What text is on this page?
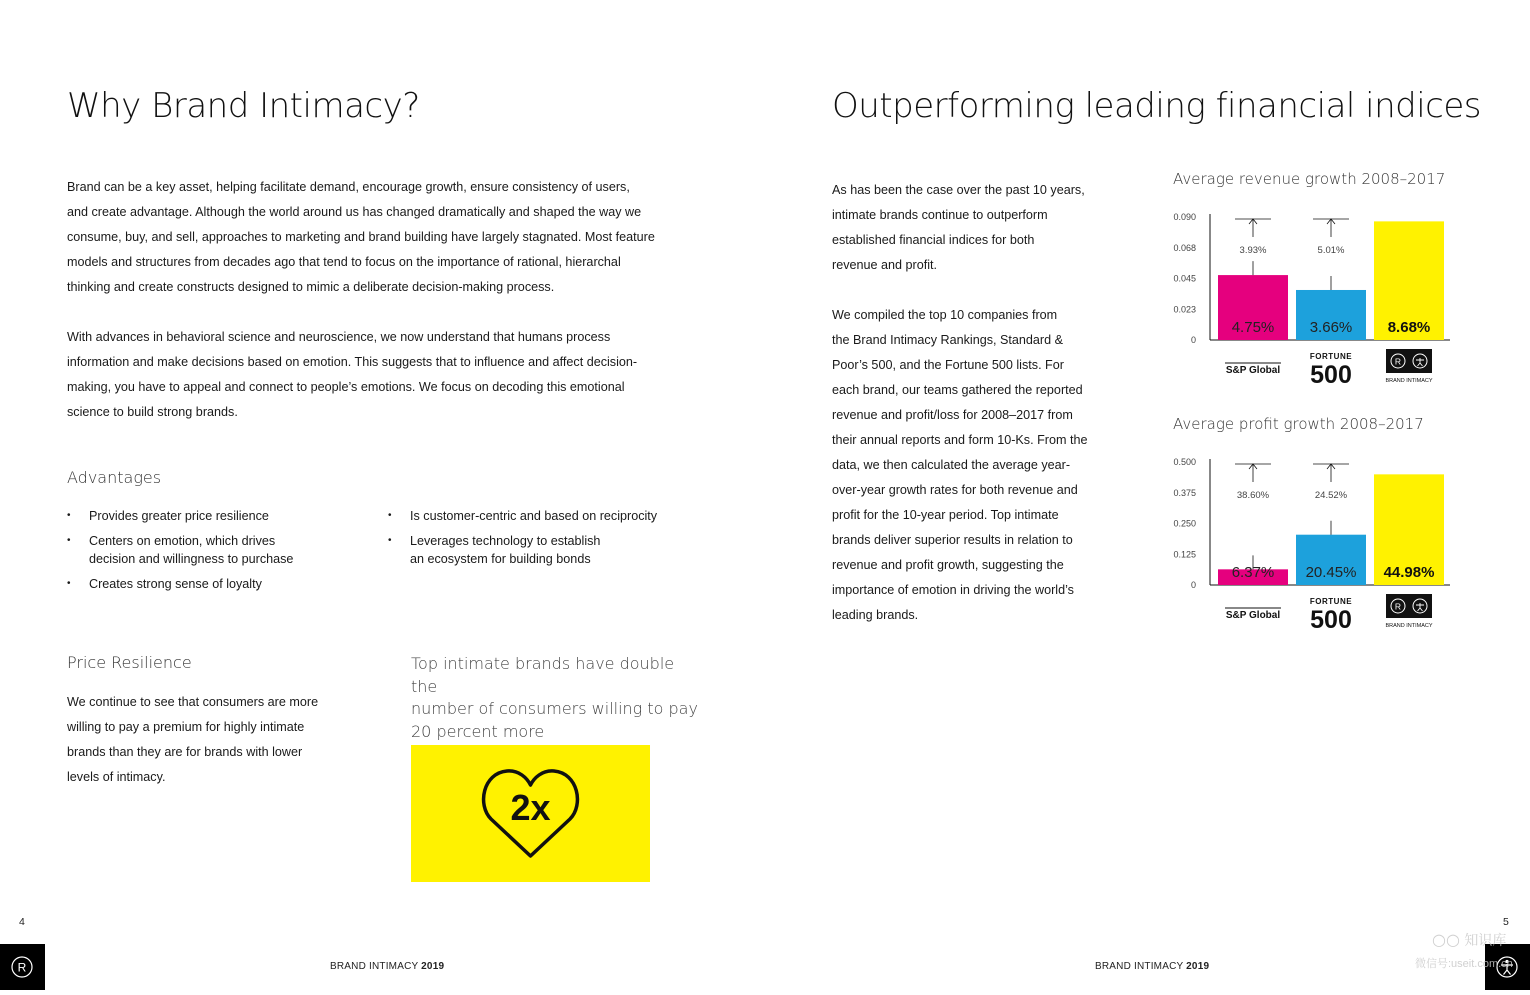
Why Brand Intimacy?

Brand can be a key asset, helping facilitate demand, encourage growth, ensure consistency of users,

and create advantage. Although the world around us has changed dramatically and shaped the way we

consume, buy, and sell, approaches to marketing and brand building have largely stagnated. Most feature

models and structures from decades ago that tend to focus on the importance of rational, hierarchal

thinking and create constructs designed to mimic a deliberate decision-making process.

With advances in behavioral science and neuroscience, we now understand that humans process

information and make decisions based on emotion. This suggests that to influence and affect decision-

making, you have to appeal and connect to people’s emotions. We focus on decoding this emotional

science to build strong brands.

Advantages
• Provides greater price resilience
• Centers on emotion, which drives
decision and willingness to purchase
• Creates strong sense of loyalty
• Is customer-centric and based on reciprocity
• Leverages technology to establish
an ecosystem for building bonds
Price Resilience

We continue to see that consumers are more

willing to pay a premium for highly intimate

brands than they are for brands with lower

levels of intimacy.

Top intimate brands have double the
number of consumers willing to pay
20 percent more
2x
4
R	BRAND INTIMACY 2019
Outperforming leading financial indices

As has been the case over the past 10 years,

intimate brands continue to outperform

established financial indices for both

revenue and profit.

We compiled the top 10 companies from

the Brand Intimacy Rankings, Standard &

Poor’s 500, and the Fortune 500 lists. For

each brand, our teams gathered the reported

revenue and profit/loss for 2008–2017 from

their annual reports and form 10-Ks. From the

data, we then calculated the average year-

over-year growth rates for both revenue and

profit for the 10-year period. Top intimate

brands deliver superior results in relation to

revenue and profit growth, suggesting the

importance of emotion in driving the world’s

leading brands.

Average revenue growth 2008–2017
0
0.023
0.045
0.068
0.090
4.75%
3.93%
3.66%
5.01%
8.68%
S&P Global
FORTUNE
500	R
BRAND INTIMACY
Average profit growth 2008–2017
0
0.125
0.250
0.375
0.500
6.37%
38.60%
20.45%
24.52%
44.98%
S&P Global
FORTUNE
500	R
BRAND INTIMACY
5
BRAND INTIMACY 2019
○○ 知识库
微信号:useit.com.cn
